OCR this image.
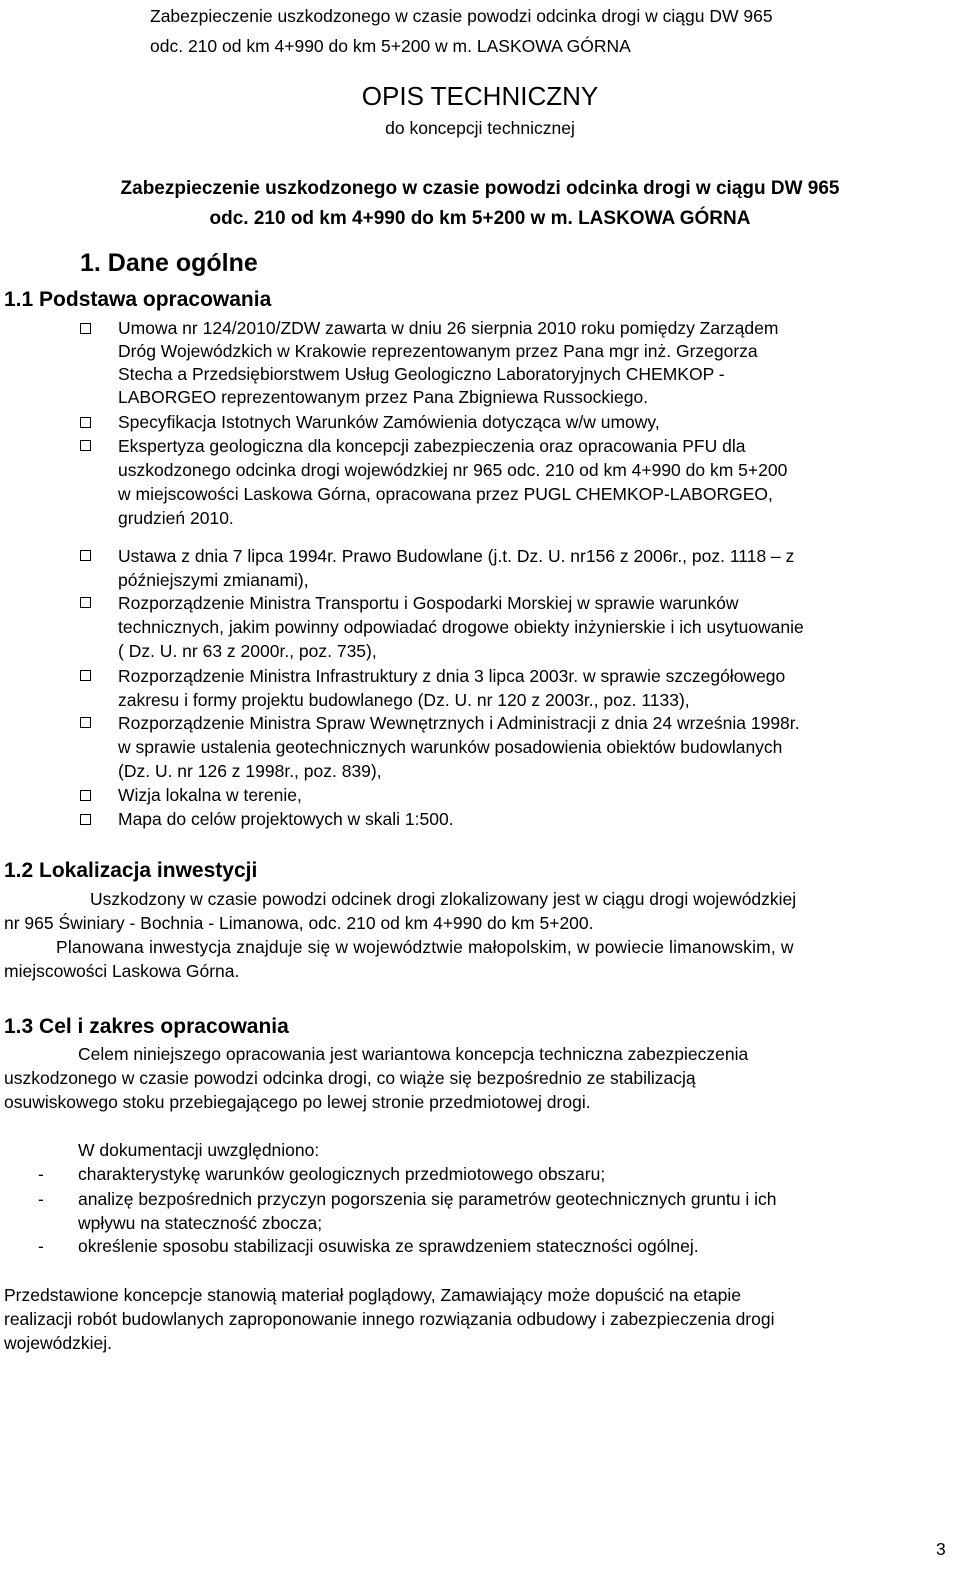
Zabezpieczenie uszkodzonego w czasie powodzi odcinka drogi w ciągu DW 965
odc. 210 od km 4+990 do km 5+200 w m. LASKOWA GÓRNA
OPIS TECHNICZNY
do koncepcji technicznej
Zabezpieczenie uszkodzonego w czasie powodzi odcinka drogi w ciągu DW 965
odc. 210 od km 4+990 do km 5+200 w m. LASKOWA GÓRNA
1. Dane ogólne
1.1 Podstawa opracowania
Umowa nr 124/2010/ZDW zawarta w dniu 26 sierpnia 2010 roku pomiędzy Zarządem
Dróg Wojewódzkich w Krakowie reprezentowanym przez Pana mgr inż. Grzegorza
Stecha a Przedsiębiorstwem Usług Geologiczno Laboratoryjnych CHEMKOP -
LABORGEO reprezentowanym przez Pana Zbigniewa Russockiego.
Specyfikacja Istotnych Warunków Zamówienia dotycząca w/w umowy,
Ekspertyza geologiczna dla koncepcji zabezpieczenia oraz opracowania PFU dla
uszkodzonego odcinka drogi wojewódzkiej nr 965 odc. 210 od km 4+990 do km 5+200
w miejscowości Laskowa Górna, opracowana przez PUGL CHEMKOP-LABORGEO,
grudzień 2010.
Ustawa z dnia 7 lipca 1994r. Prawo Budowlane (j.t. Dz. U. nr156 z 2006r., poz. 1118 – z
późniejszymi zmianami),
Rozporządzenie Ministra Transportu i Gospodarki Morskiej w sprawie warunków
technicznych, jakim powinny odpowiadać drogowe obiekty inżynierskie i ich usytuowanie
( Dz. U. nr 63 z 2000r., poz. 735),
Rozporządzenie Ministra Infrastruktury z dnia 3 lipca 2003r. w sprawie szczegółowego
zakresu i formy projektu budowlanego (Dz. U. nr 120 z 2003r., poz. 1133),
Rozporządzenie Ministra Spraw Wewnętrznych i Administracji z dnia 24 września 1998r.
w sprawie ustalenia geotechnicznych warunków posadowienia obiektów budowlanych
(Dz. U. nr 126 z 1998r., poz. 839),
Wizja lokalna w terenie,
Mapa do celów projektowych w skali 1:500.
1.2 Lokalizacja inwestycji
Uszkodzony w czasie powodzi odcinek drogi zlokalizowany jest w ciągu drogi wojewódzkiej
nr 965 Świniary - Bochnia - Limanowa, odc. 210 od km 4+990 do km 5+200.
Planowana inwestycja znajduje się w województwie małopolskim, w powiecie limanowskim, w
miejscowości Laskowa Górna.
1.3 Cel i zakres opracowania
Celem niniejszego opracowania jest wariantowa koncepcja techniczna zabezpieczenia
uszkodzonego w czasie powodzi odcinka drogi, co wiąże się bezpośrednio ze stabilizacją
osuwiskowego stoku przebiegającego po lewej stronie przedmiotowej drogi.
W dokumentacji uwzględniono:
- charakterystykę warunków geologicznych przedmiotowego obszaru;
- analizę bezpośrednich przyczyn pogorszenia się parametrów geotechnicznych gruntu i ich
wpływu na stateczność zbocza;
- określenie sposobu stabilizacji osuwiska ze sprawdzeniem stateczności ogólnej.
Przedstawione koncepcje stanowią materiał poglądowy, Zamawiający może dopuścić na etapie
realizacji robót budowlanych zaproponowanie innego rozwiązania odbudowy i zabezpieczenia drogi
wojewódzkiej.
3
